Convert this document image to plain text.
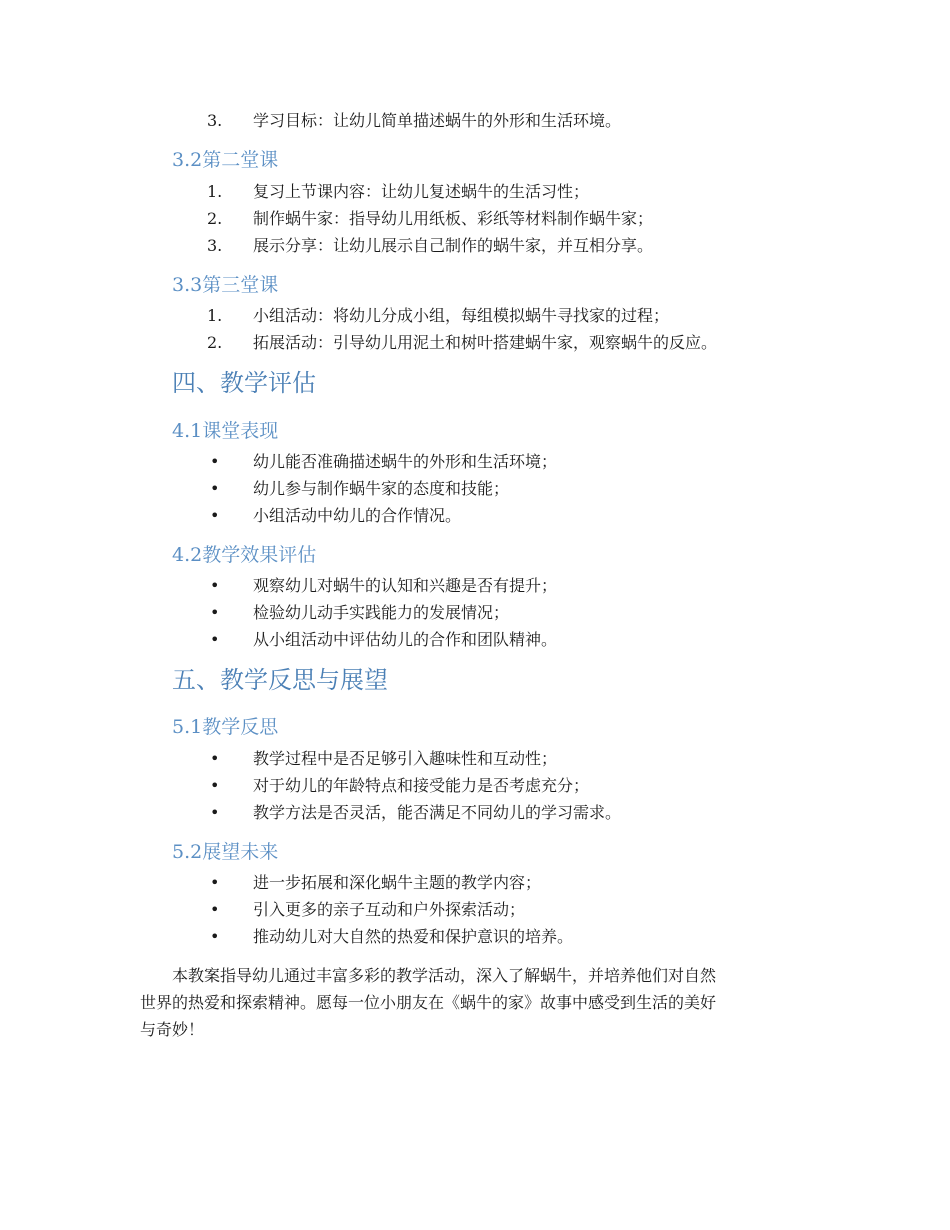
3.	学习目标：让幼儿简单描述蜗牛的外形和生活环境。
3.2第二堂课
1.	复习上节课内容：让幼儿复述蜗牛的生活习性；
2.	制作蜗牛家：指导幼儿用纸板、彩纸等材料制作蜗牛家；
3.	展示分享：让幼儿展示自己制作的蜗牛家，并互相分享。
3.3第三堂课
1.	小组活动：将幼儿分成小组，每组模拟蜗牛寻找家的过程；
2.	拓展活动：引导幼儿用泥土和树叶搭建蜗牛家，观察蜗牛的反应。
四、教学评估
4.1课堂表现
•	幼儿能否准确描述蜗牛的外形和生活环境；
•	幼儿参与制作蜗牛家的态度和技能；
•	小组活动中幼儿的合作情况。
4.2教学效果评估
•	观察幼儿对蜗牛的认知和兴趣是否有提升；
•	检验幼儿动手实践能力的发展情况；
•	从小组活动中评估幼儿的合作和团队精神。
五、教学反思与展望
5.1教学反思
•	教学过程中是否足够引入趣味性和互动性；
•	对于幼儿的年龄特点和接受能力是否考虑充分；
•	教学方法是否灵活，能否满足不同幼儿的学习需求。
5.2展望未来
•	进一步拓展和深化蜗牛主题的教学内容；
•	引入更多的亲子互动和户外探索活动；
•	推动幼儿对大自然的热爱和保护意识的培养。
本教案指导幼儿通过丰富多彩的教学活动，深入了解蜗牛，并培养他们对自然
世界的热爱和探索精神。愿每一位小朋友在《蜗牛的家》故事中感受到生活的美好
与奇妙！
